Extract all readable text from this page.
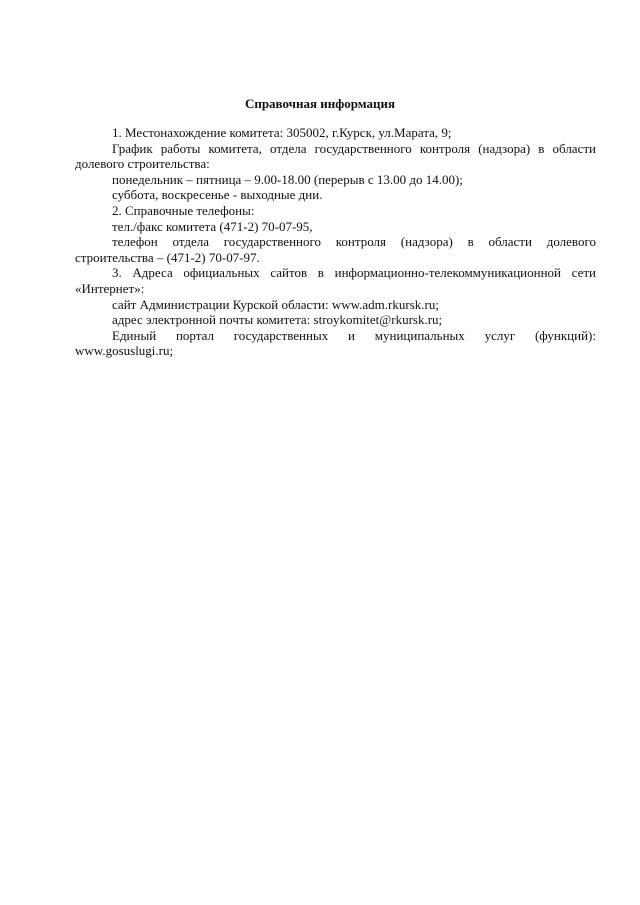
Справочная информация

1. Местонахождение комитета: 305002, г.Курск, ул.Марата, 9;

График работы комитета, отдела государственного контроля (надзора) в области долевого строительства:

понедельник – пятница – 9.00-18.00 (перерыв с 13.00 до 14.00);

суббота, воскресенье - выходные дни.

2. Справочные телефоны:

тел./факс комитета (471-2) 70-07-95,

телефон отдела государственного контроля (надзора) в области долевого строительства – (471-2) 70-07-97.

3. Адреса официальных сайтов в информационно-телекоммуникационной сети «Интернет»:

сайт Администрации Курской области: www.adm.rkursk.ru;

адрес электронной почты комитета: stroykomitet@rkursk.ru;

Единый портал государственных и муниципальных услуг (функций): www.gosuslugi.ru;
